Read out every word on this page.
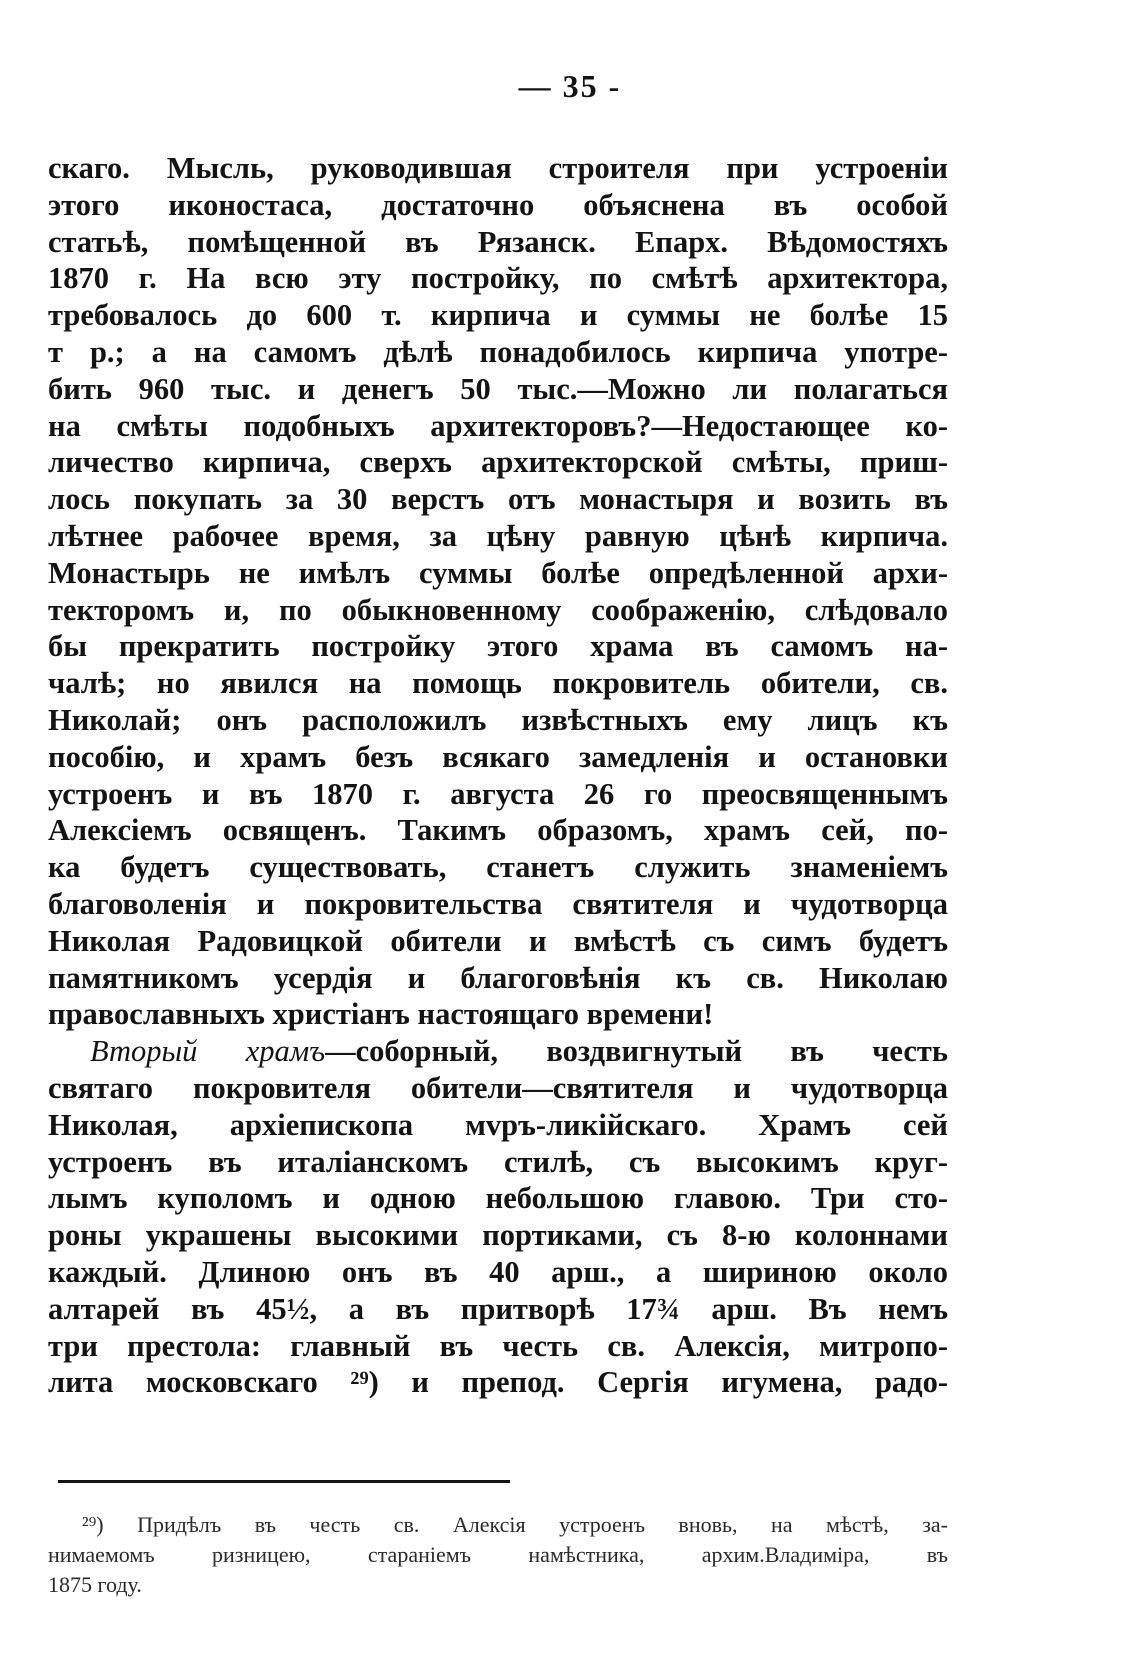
— 35 -
скаго. Мысль, руководившая строителя при устроеніи
этого иконостаса, достаточно объяснена въ особой
статьѣ, помѣщенной въ Рязанск. Епарх. Вѣдомостяхъ
1870 г. На всю эту постройку, по смѣтѣ архитектора,
требовалось до 600 т. кирпича и суммы не болѣе 15
т р.; а на самомъ дѣлѣ понадобилось кирпича употре-
бить 960 тыс. и денегъ 50 тыс.—Можно ли полагаться
на смѣты подобныхъ архитекторовъ?—Недостающее ко-
личество кирпича, сверхъ архитекторской смѣты, приш-
лось покупать за 30 верстъ отъ монастыря и возить въ
лѣтнее рабочее время, за цѣну равную цѣнѣ кирпича.
Монастырь не имѣлъ суммы болѣе опредѣленной архи-
текторомъ и, по обыкновенному соображенію, слѣдовало
бы прекратить постройку этого храма въ самомъ на-
чалѣ; но явился на помощь покровитель обители, св.
Николай; онъ расположилъ извѣстныхъ ему лицъ къ
пособію, и храмъ безъ всякаго замедленія и остановки
устроенъ и въ 1870 г. августа 26 го преосвященнымъ
Алексіемъ освященъ. Такимъ образомъ, храмъ сей, по-
ка будетъ существовать, станетъ служить знаменіемъ
благоволенія и покровительства святителя и чудотворца
Николая Радовицкой обители и вмѣстѣ съ симъ будетъ
памятникомъ усердія и благоговѣнія къ св. Николаю
православныхъ христіанъ настоящаго времени!
Вторый храмъ—соборный, воздвигнутый въ честь
святаго покровителя обители—святителя и чудотворца
Николая, архіепископа мvръ-ликійскаго. Храмъ сей
устроенъ въ италіанскомъ стилѣ, съ высокимъ круг-
лымъ куполомъ и одною небольшою главою. Три сто-
роны украшены высокими портиками, съ 8-ю колоннами
каждый. Длиною онъ въ 40 арш., а шириною около
алтарей въ 45½, а въ притворѣ 17¾ арш. Въ немъ
три престола: главный въ честь св. Алексія, митропо-
лита московскаго ²⁹) и препод. Сергія игумена, радо-
²⁹) Придѣлъ въ честь св. Алексія устроенъ вновь, на мѣстѣ, за-
нимаемомъ ризницею, стараніемъ намѣстника, архим.Владиміра, въ
1875 году.
